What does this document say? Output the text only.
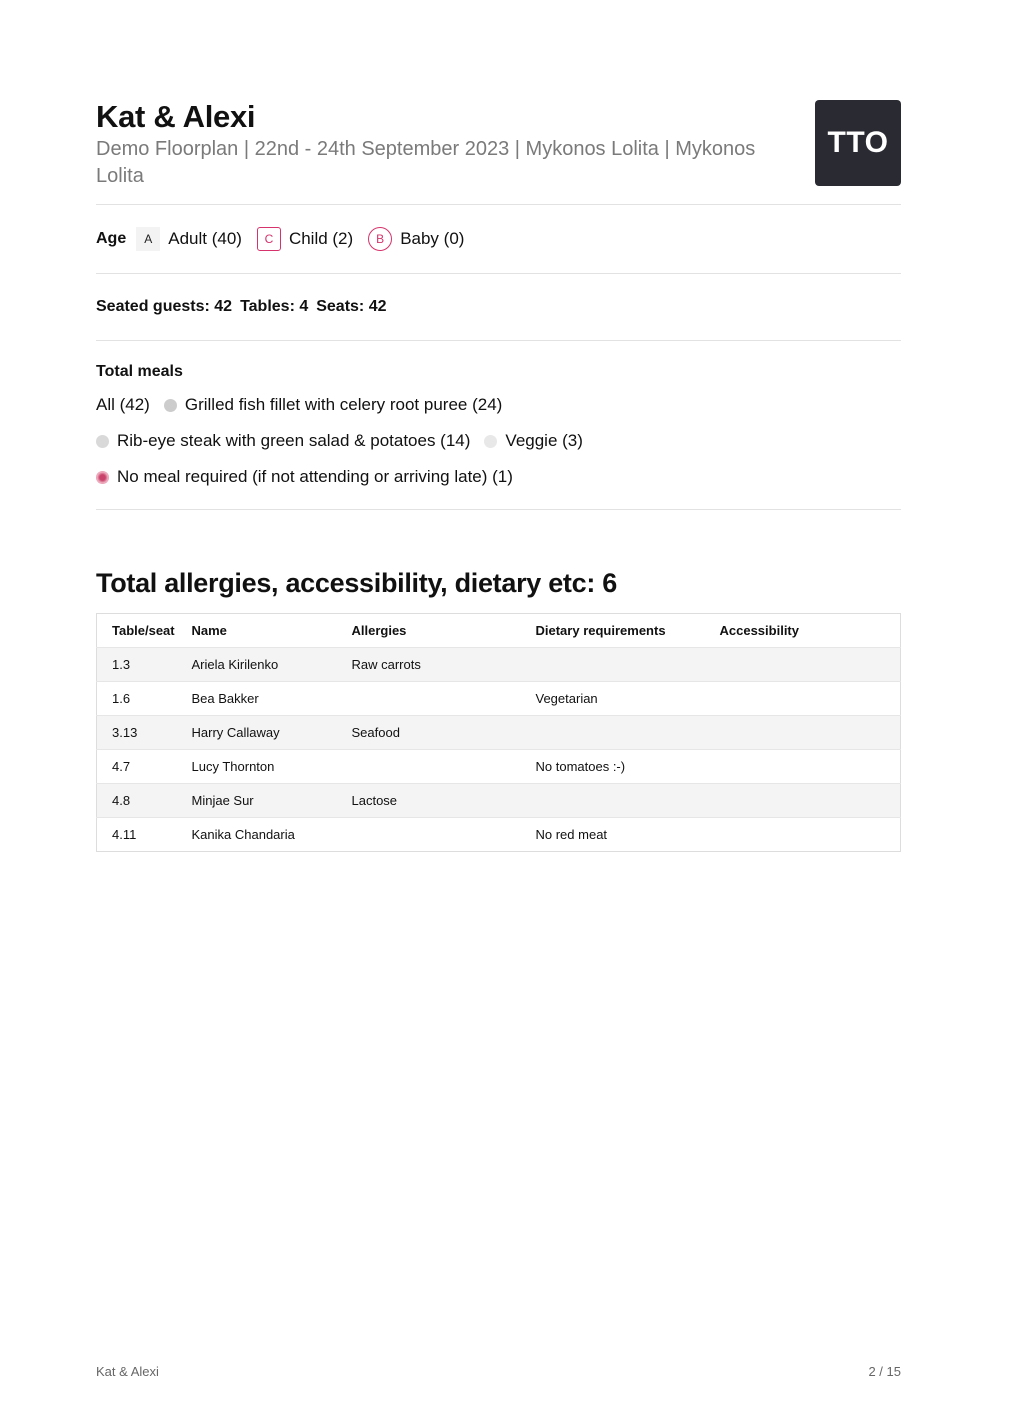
Kat & Alexi
Demo Floorplan | 22nd - 24th September 2023 | Mykonos Lolita | Mykonos Lolita
TTO
Age	A Adult (40)	C Child (2)	B Baby (0)
Seated guests: 42 Tables: 4 Seats: 42
Total meals
All (42) Grilled fish fillet with celery root puree (24)
Rib-eye steak with green salad & potatoes (14) Veggie (3)
No meal required (if not attending or arriving late) (1)
Total allergies, accessibility, dietary etc: 6
Table/seat	Name	Allergies	Dietary requirements	Accessibility
1.3	Ariela Kirilenko	Raw carrots		
1.6	Bea Bakker		Vegetarian	
3.13	Harry Callaway	Seafood		
4.7	Lucy Thornton		No tomatoes :-)	
4.8	Minjae Sur	Lactose		
4.11	Kanika Chandaria		No red meat	
Kat & Alexi	2 / 15
